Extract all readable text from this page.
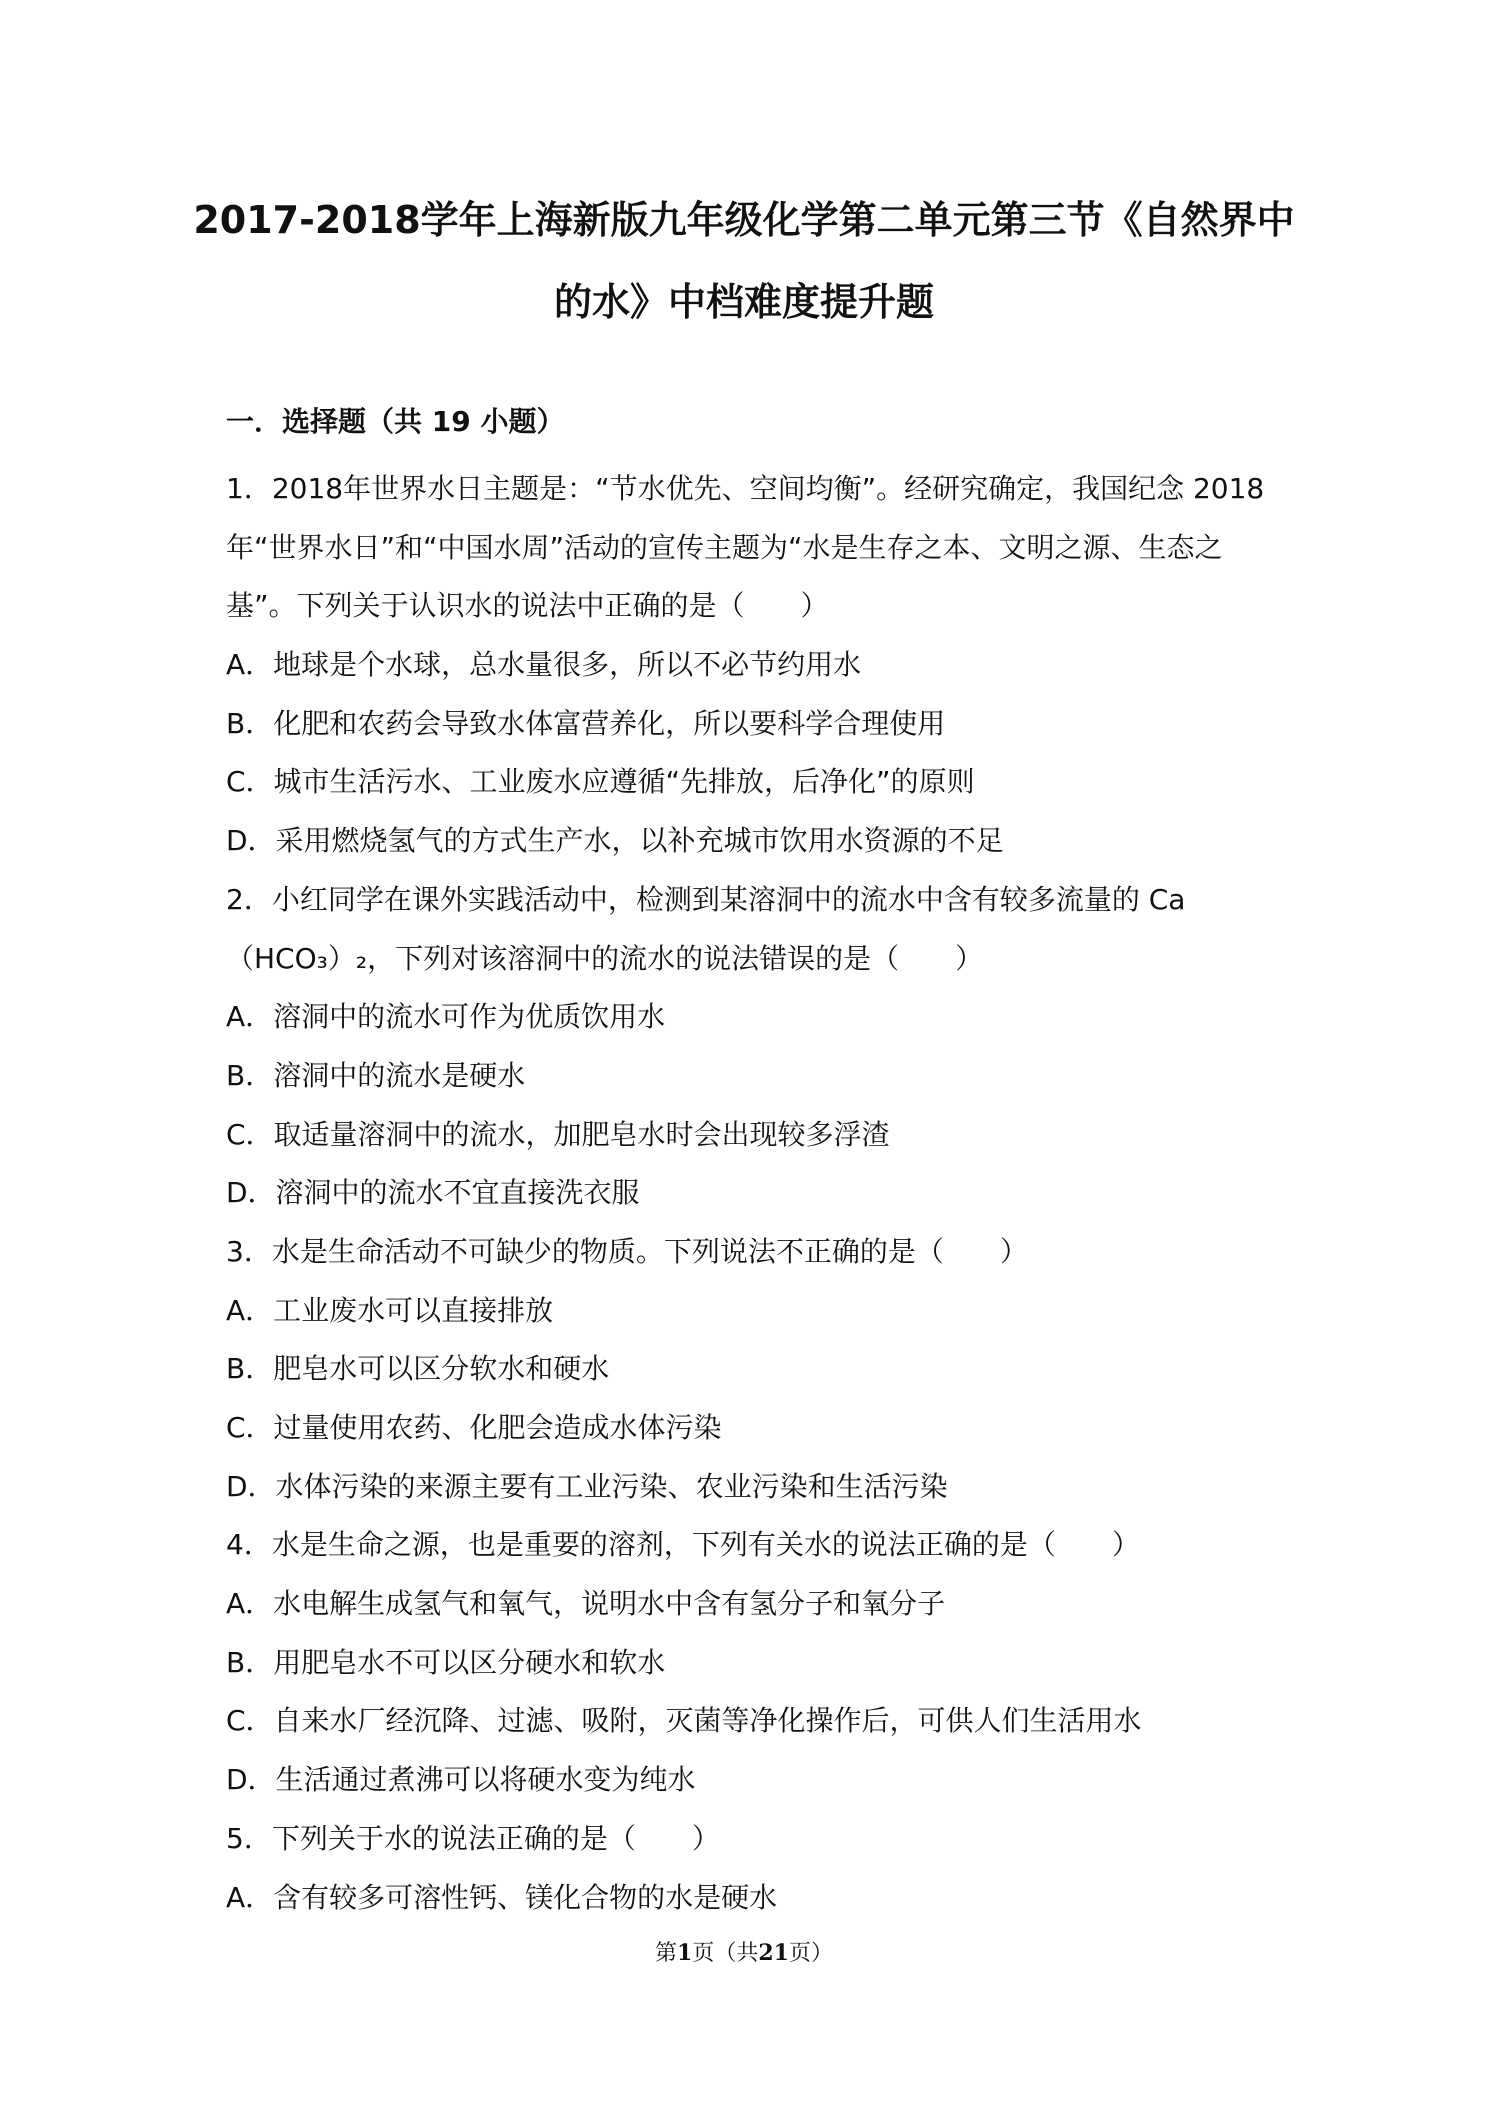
2017-2018学年上海新版九年级化学第二单元第三节《自然界中
的水》中档难度提升题
一．选择题（共 19 小题）
1．2018年世界水日主题是：“节水优先、空间均衡”。经研究确定，我国纪念 2018
年“世界水日”和“中国水周”活动的宣传主题为“水是生存之本、文明之源、生态之
基”。下列关于认识水的说法中正确的是（　　）
A．地球是个水球，总水量很多，所以不必节约用水
B．化肥和农药会导致水体富营养化，所以要科学合理使用
C．城市生活污水、工业废水应遵循“先排放，后净化”的原则
D．采用燃烧氢气的方式生产水，以补充城市饮用水资源的不足
2．小红同学在课外实践活动中，检测到某溶洞中的流水中含有较多流量的 Ca
（HCO₃）₂，下列对该溶洞中的流水的说法错误的是（　　）
A．溶洞中的流水可作为优质饮用水
B．溶洞中的流水是硬水
C．取适量溶洞中的流水，加肥皂水时会出现较多浮渣
D．溶洞中的流水不宜直接洗衣服
3．水是生命活动不可缺少的物质。下列说法不正确的是（　　）
A．工业废水可以直接排放
B．肥皂水可以区分软水和硬水
C．过量使用农药、化肥会造成水体污染
D．水体污染的来源主要有工业污染、农业污染和生活污染
4．水是生命之源，也是重要的溶剂，下列有关水的说法正确的是（　　）
A．水电解生成氢气和氧气，说明水中含有氢分子和氧分子
B．用肥皂水不可以区分硬水和软水
C．自来水厂经沉降、过滤、吸附，灭菌等净化操作后，可供人们生活用水
D．生活通过煮沸可以将硬水变为纯水
5．下列关于水的说法正确的是（　　）
A．含有较多可溶性钙、镁化合物的水是硬水
第1页（共21页）
